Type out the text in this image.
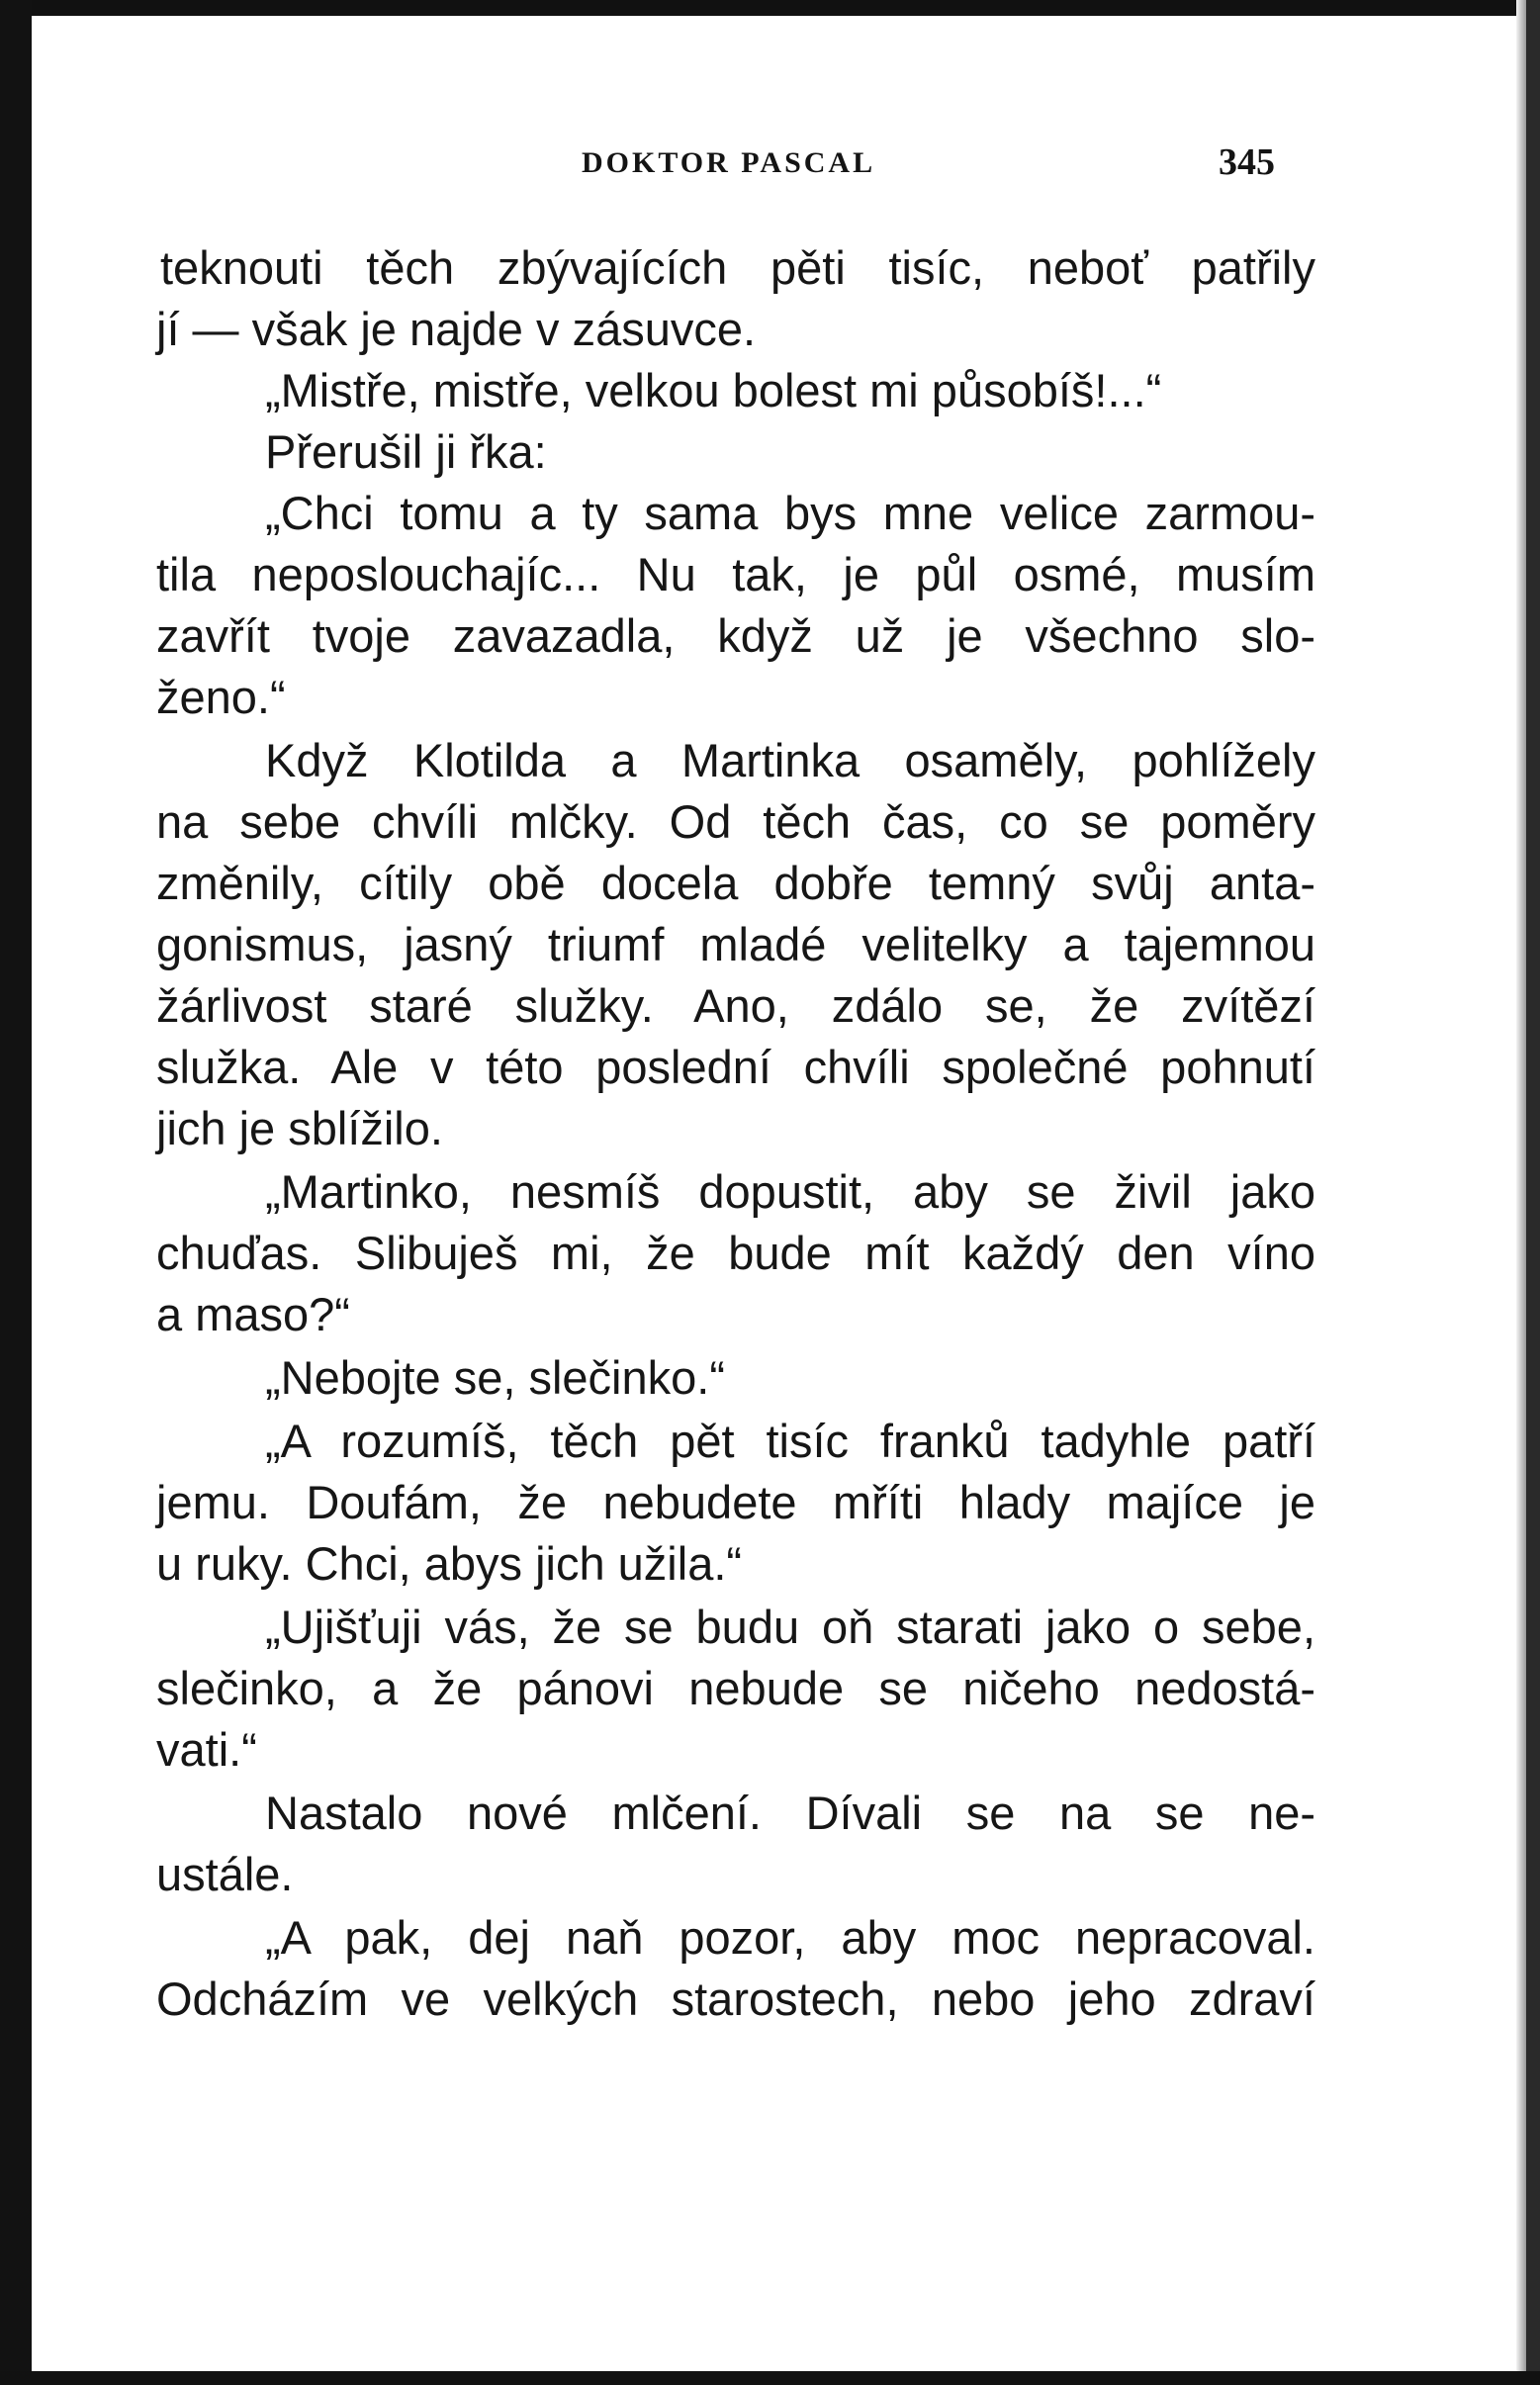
DOKTOR PASCAL	345
teknouti těch zbývajících pěti tisíc, neboť patřily
jí — však je najde v zásuvce.
„Mistře, mistře, velkou bolest mi působíš!...“
Přerušil ji řka:
„Chci tomu a ty sama bys mne velice zarmou-
tila neposlouchajíc... Nu tak, je půl osmé, musím
zavřít tvoje zavazadla, když už je všechno slo-
ženo.“
Když Klotilda a Martinka osaměly, pohlížely
na sebe chvíli mlčky. Od těch čas, co se poměry
změnily, cítily obě docela dobře temný svůj anta-
gonismus, jasný triumf mladé velitelky a tajemnou
žárlivost staré služky. Ano, zdálo se, že zvítězí
služka. Ale v této poslední chvíli společné pohnutí
jich je sblížilo.
„Martinko, nesmíš dopustit, aby se živil jako
chuďas. Slibuješ mi, že bude mít každý den víno
a maso?“
„Nebojte se, slečinko.“
„A rozumíš, těch pět tisíc franků tadyhle patří
jemu. Doufám, že nebudete mříti hlady majíce je
u ruky. Chci, abys jich užila.“
„Ujišťuji vás, že se budu oň starati jako o sebe,
slečinko, a že pánovi nebude se ničeho nedostá-
vati.“
Nastalo nové mlčení. Dívali se na se ne-
ustále.
„A pak, dej naň pozor, aby moc nepracoval.
Odcházím ve velkých starostech, nebo jeho zdraví
